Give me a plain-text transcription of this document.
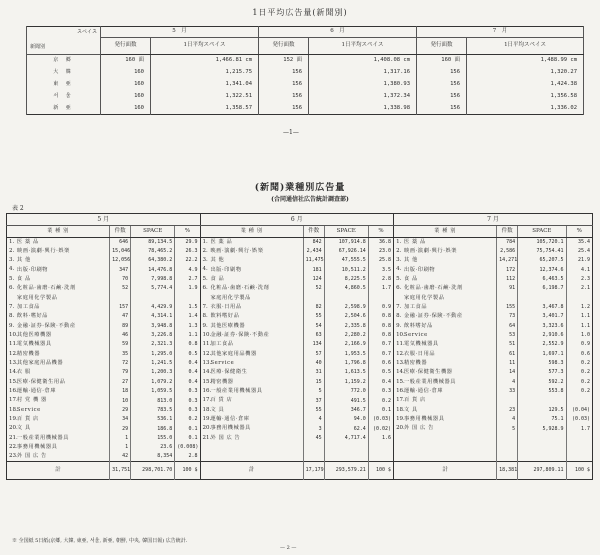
1日平均広告量(新聞別)
スペイス
新聞別	5　月		6　月		7　月	
	発行面数	1日平均スペイス	発行面数	1日平均スペイス	発行面数	1日平均スペイス
京 郷	160 面	1,466.81 cm	152 面	1,408.08 cm	160 面	1,488.99 cm
大 韓	160	1,215.75	156	1,317.16	156	1,320.27
東 亜	160	1,341.04	156	1,380.93	156	1,424.38
서 울	160	1,322.51	156	1,372.34	156	1,356.58
新 亜	160	1,358.57	156	1,338.98	156	1,336.02
—1—
(新聞)業種別広告量
(合同通信社広告統計調査部)
表 2
5 月					6 月					7 月				
業 種 別		件数	SPACE	%	業 種 別		件数	SPACE	%	業 種 別		件数	SPACE	%
1.	医 薬 品	646	89,134.5	29.9	1.	医 薬 品	842	107,914.8	36.8	1.	医 薬 品	784	105,720.1	35.4
2.	映画·演劇·興行·娯楽	15,046	78,465.2	26.3	2.	映画·演劇·興行·娯楽	2,434	67,926.14	23.0	2.	映画·演劇·興行·娯楽	2,586	75,754.41	25.4
3.	其 他	12,056	64,380.2	22.2	3.	其 他	11,475	47,555.5	25.8	3.	其 他	14,271	65,207.5	21.9
4.	出版·印刷物	347	14,476.8	4.9	4.	出版·印刷物	181	10,511.2	3.5	4.	出版·印刷物	172	12,374.6	4.1
5.	食 品	70	7,998.8	2.7	5.	食 品	124	8,225.5	2.8	5.	食 品	112	6,463.5	2.3
6.	化粧品·歯磨·石鹸·洗剤	52	5,774.4	1.9	6.	化粧品·歯磨·石鹸·洗剤	52	4,860.5	1.7	6.	化粧品·歯磨·石鹸·洗剤	91	6,198.7	2.1
	家庭用化学製品					家庭用化学製品					家庭用化学製品			
7.	加工食品	157	4,429.9	1.5	7.	衣服·日用品	82	2,598.9	0.9	7.	加工食品	155	3,467.8	1.2
8.	飲料·嗜好品	47	4,314.1	1.4	8.	飲料嗜好品	55	2,504.6	0.8	8.	金融·証券·保険·不動産	73	3,401.7	1.1
9.	金融·証券·保険·不動産	89	3,948.8	1.3	9.	其他医療機器	54	2,335.8	0.8	9.	飲料嗜好品	64	3,323.6	1.1
10.	其他医療機器	46	3,226.8	1.1	10.	金融·証券·保険·不動産	63	2,280.2	0.8	10.	Service	53	2,910.6	1.0
11.	電気機械器具	59	2,321.3	0.8	11.	加工食品	134	2,166.9	0.7	11.	電気機械器具	51	2,552.9	0.9
12.	精密機器	35	1,295.0	0.5	12.	其他家庭用品機器	57	1,953.5	0.7	12.	衣服·日用品	61	1,697.1	0.6
13.	其他家庭用品機器	72	1,241.5	0.4	13.	Service	40	1,796.8	0.6	13.	精密機器	11	598.3	0.2
14.	衣 服	79	1,200.3	0.4	14.	医療·保健衛生	31	1,613.5	0.5	14.	医療·保健衛生機器	14	577.3	0.2
15.	医療·保健衛生用品	27	1,079.2	0.4	15.	精密機器	15	1,159.2	0.4	15.	一般産業用機械器具	4	592.2	0.2
16.	運輸·通信·倉庫	18	1,059.5	0.3	16.	一般産業用機械器具	5	772.0	0.3	16.	運輸·通信·倉庫	33	553.8	0.2
17.	村 党 機 器	10	813.0	0.3	17.	百 貨 店	37	491.5	0.2	17.	百 貨 店			
18.	Service	29	783.5	0.3	18.	文 具	55	346.7	0.1	18.	文 具	23	129.5	(0.04)
19.	百 貨 店	34	536.1	0.2	19.	運輸·通信·倉庫	4	94.0	(0.03)	19.	事務用機械器具	4	75.1	(0.03)
20.	文 具	29	186.8	0.1	20.	事務用機械器具	3	62.4	(0.02)	20.	外 国 広 告	5	5,928.9	1.7
21.	一般産業用機械器具	1	155.0	0.1	21.	外 国 広 告	45	4,717.4	1.6					
22.	事務用機械器具	1	23.6	(0.008)										
23.	外 国 広 告	42	8,354	2.8										
計		31,751	298,701.70	100 $	計		17,179	293,579.21	100 $	計		18,381	297,809.11	100 $
※ 全国紙 5日紙(京郷, 大韓, 東亜, 서울, 新亜, 朝鮮, 中央, 韓国日報) 広告統計.
— 2 —
